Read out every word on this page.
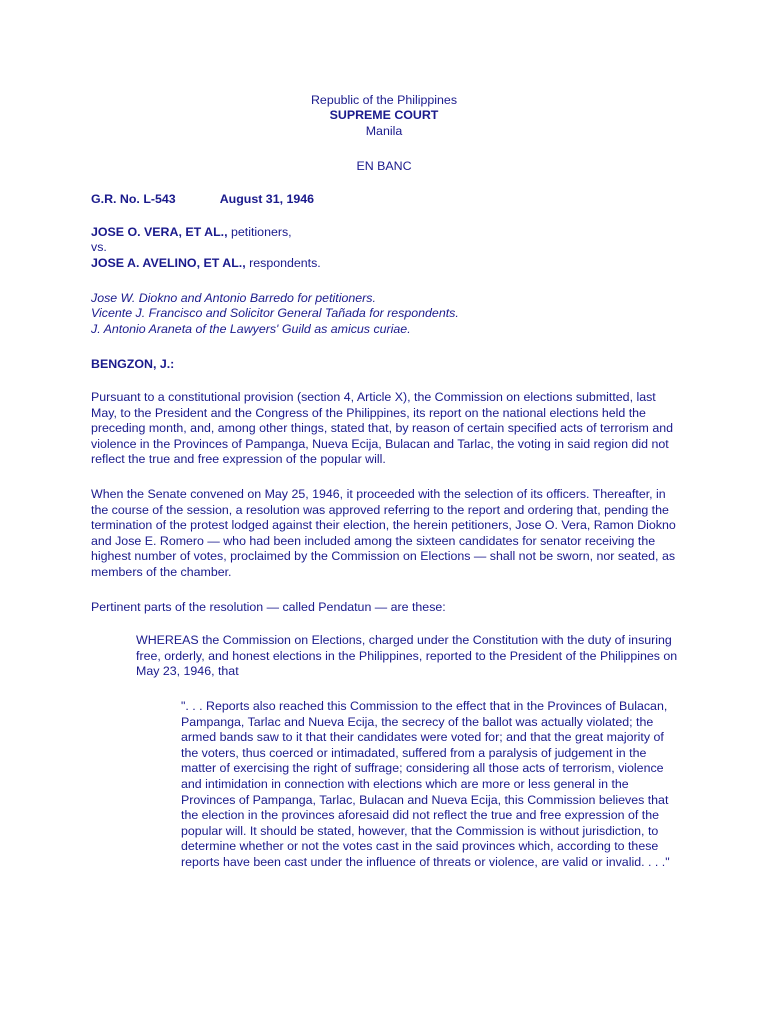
Republic of the Philippines
SUPREME COURT
Manila
EN BANC
G.R. No. L-543	August 31, 1946
JOSE O. VERA, ET AL., petitioners,
vs.
JOSE A. AVELINO, ET AL., respondents.
Jose W. Diokno and Antonio Barredo for petitioners.
Vicente J. Francisco and Solicitor General Tañada for respondents.
J. Antonio Araneta of the Lawyers' Guild as amicus curiae.
BENGZON, J.:

Pursuant to a constitutional provision (section 4, Article X), the Commission on elections submitted, last May, to the President and the Congress of the Philippines, its report on the national elections held the preceding month, and, among other things, stated that, by reason of certain specified acts of terrorism and violence in the Provinces of Pampanga, Nueva Ecija, Bulacan and Tarlac, the voting in said region did not reflect the true and free expression of the popular will.

When the Senate convened on May 25, 1946, it proceeded with the selection of its officers. Thereafter, in the course of the session, a resolution was approved referring to the report and ordering that, pending the termination of the protest lodged against their election, the herein petitioners, Jose O. Vera, Ramon Diokno and Jose E. Romero — who had been included among the sixteen candidates for senator receiving the highest number of votes, proclaimed by the Commission on Elections — shall not be sworn, nor seated, as members of the chamber.

Pertinent parts of the resolution — called Pendatun — are these:

WHEREAS the Commission on Elections, charged under the Constitution with the duty of insuring free, orderly, and honest elections in the Philippines, reported to the President of the Philippines on May 23, 1946, that

". . . Reports also reached this Commission to the effect that in the Provinces of Bulacan, Pampanga, Tarlac and Nueva Ecija, the secrecy of the ballot was actually violated; the armed bands saw to it that their candidates were voted for; and that the great majority of the voters, thus coerced or intimadated, suffered from a paralysis of judgement in the matter of exercising the right of suffrage; considering all those acts of terrorism, violence and intimidation in connection with elections which are more or less general in the Provinces of Pampanga, Tarlac, Bulacan and Nueva Ecija, this Commission believes that the election in the provinces aforesaid did not reflect the true and free expression of the popular will. It should be stated, however, that the Commission is without jurisdiction, to determine whether or not the votes cast in the said provinces which, according to these reports have been cast under the influence of threats or violence, are valid or invalid. . . ."
